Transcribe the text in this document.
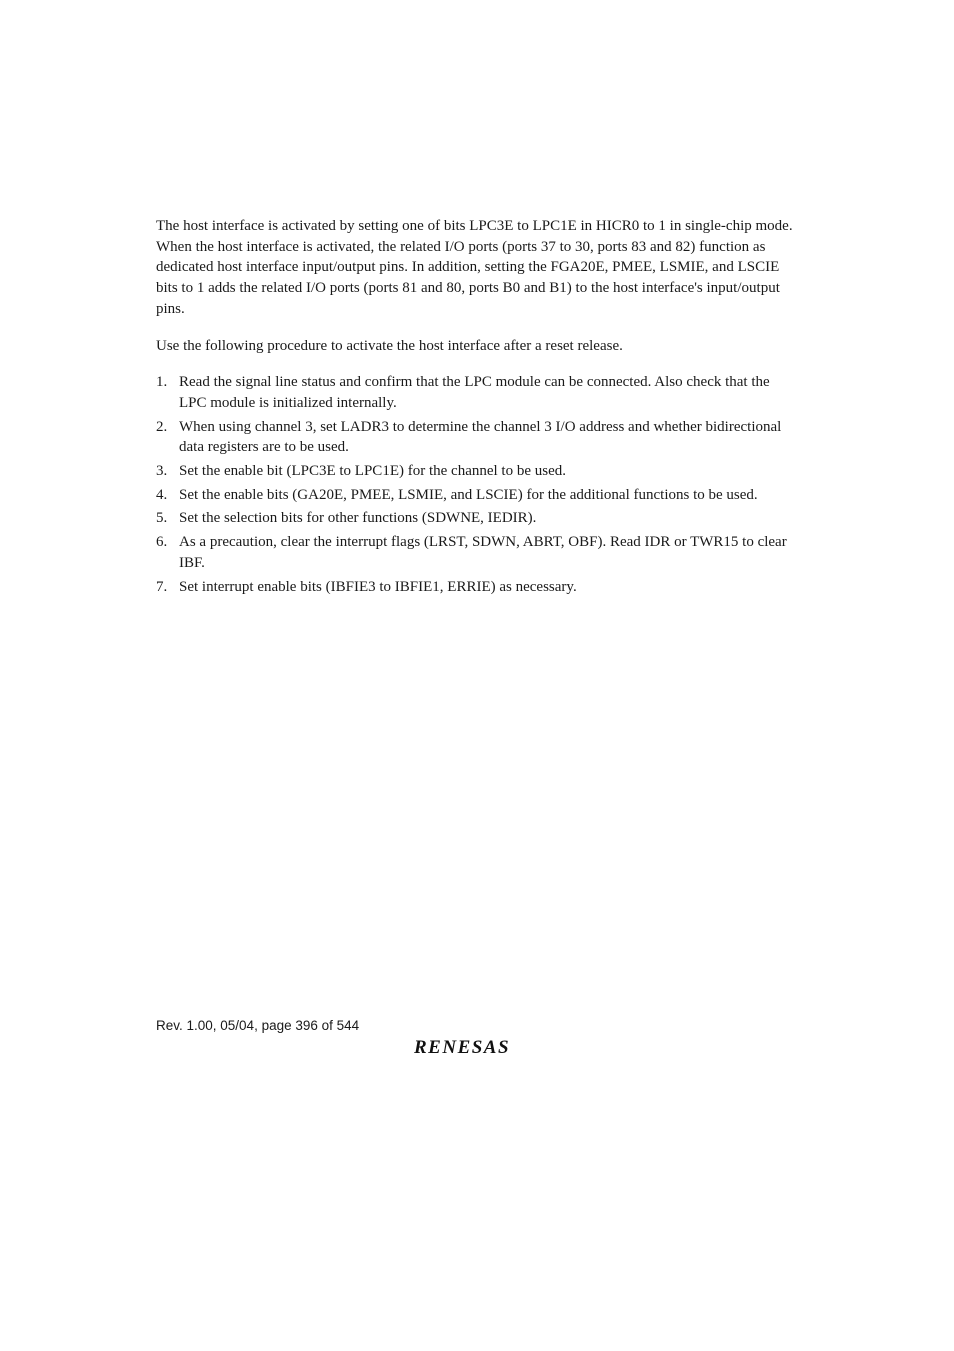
The host interface is activated by setting one of bits LPC3E to LPC1E in HICR0 to 1 in single-chip mode. When the host interface is activated, the related I/O ports (ports 37 to 30, ports 83 and 82) function as dedicated host interface input/output pins. In addition, setting the FGA20E, PMEE, LSMIE, and LSCIE bits to 1 adds the related I/O ports (ports 81 and 80, ports B0 and B1) to the host interface's input/output pins.

Use the following procedure to activate the host interface after a reset release.

1. Read the signal line status and confirm that the LPC module can be connected. Also check that the LPC module is initialized internally.
2. When using channel 3, set LADR3 to determine the channel 3 I/O address and whether bidirectional data registers are to be used.
3. Set the enable bit (LPC3E to LPC1E) for the channel to be used.
4. Set the enable bits (GA20E, PMEE, LSMIE, and LSCIE) for the additional functions to be used.
5. Set the selection bits for other functions (SDWNE, IEDIR).
6. As a precaution, clear the interrupt flags (LRST, SDWN, ABRT, OBF). Read IDR or TWR15 to clear IBF.
7. Set interrupt enable bits (IBFIE3 to IBFIE1, ERRIE) as necessary.
Rev. 1.00, 05/04, page 396 of 544
RENESAS
